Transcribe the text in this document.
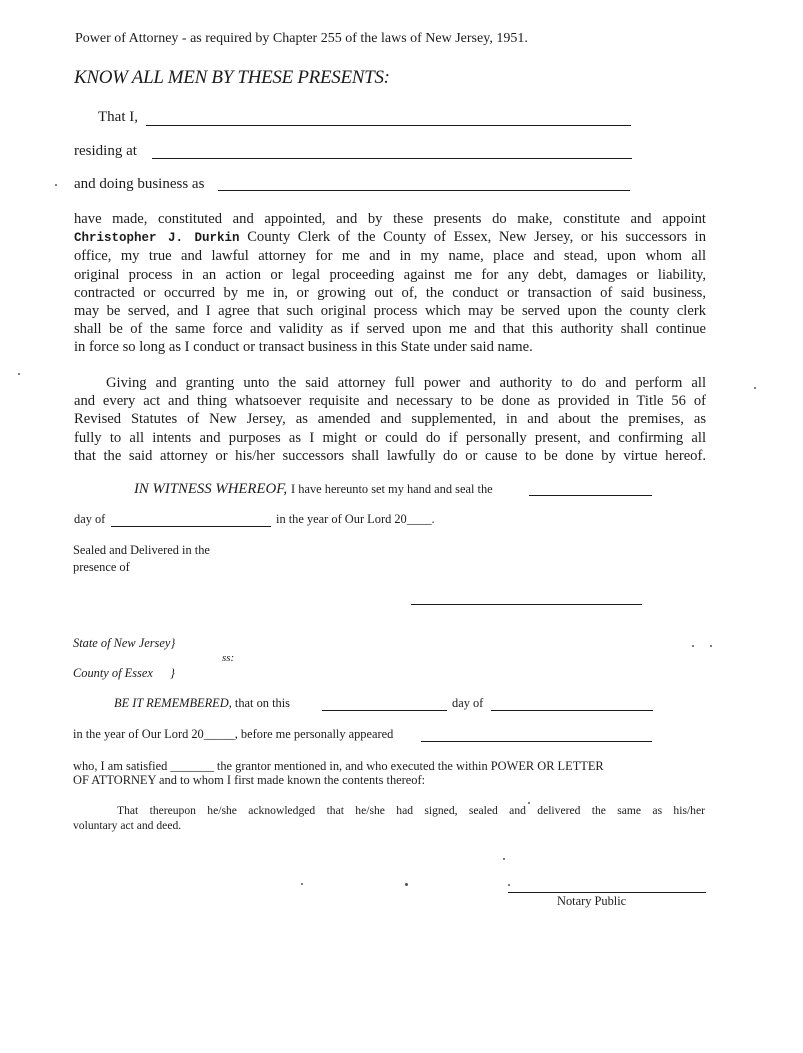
Power of Attorney - as required by Chapter 255 of the laws of New Jersey, 1951.
KNOW ALL MEN BY THESE PRESENTS:
That I,
residing at
and doing business as
have made, constituted and appointed, and by these presents do make, constitute and appoint
Christopher J. Durkin County Clerk of the County of Essex, New Jersey, or his successors in
office, my true and lawful attorney for me and in my name, place and stead, upon whom all
original process in an action or legal proceeding against me for any debt, damages or liability,
contracted or occurred by me in, or growing out of, the conduct or transaction of said business,
may be served, and I agree that such original process which may be served upon the county clerk
shall be of the same force and validity as if served upon me and that this authority shall continue
in force so long as I conduct or transact business in this State under said name.
Giving and granting unto the said attorney full power and authority to do and perform all
and every act and thing whatsoever requisite and necessary to be done as provided in Title 56 of
Revised Statutes of New Jersey, as amended and supplemented, in and about the premises, as
fully to all intents and purposes as I might or could do if personally present, and confirming all
that the said attorney or his/her successors shall lawfully do or cause to be done by virtue hereof.
IN WITNESS WHEREOF, I have hereunto set my hand and seal the
day of	in the year of Our Lord 20____.
Sealed and Delivered in the
presence of
State of New Jersey}
ss:
County of Essex }
BE IT REMEMBERED, that on this	day of
in the year of Our Lord 20_____, before me personally appeared
who, I am satisfied _______ the grantor mentioned in, and who executed the within POWER OR LETTER
OF ATTORNEY and to whom I first made known the contents thereof:
That thereupon he/she acknowledged that he/she had signed, sealed and delivered the same as his/her
voluntary act and deed.
Notary Public
